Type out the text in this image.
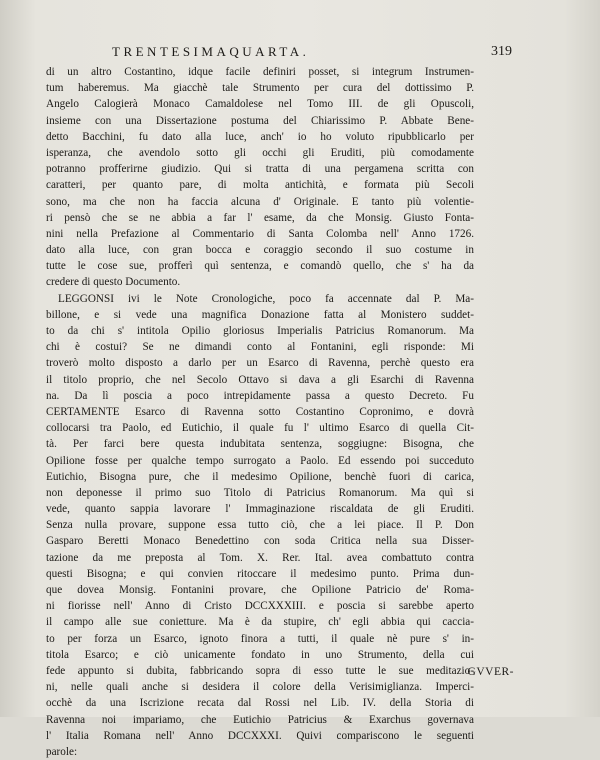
TRENTESIMAQUARTA.	319
di un altro Costantino, idque facile definiri posset, si integrum Instrumen-
tum haberemus. Ma giacchè tale Strumento per cura del dottissimo P.
Angelo Calogierà Monaco Camaldolese nel Tomo III. de gli Opuscoli,
insieme con una Dissertazione postuma del Chiarissimo P. Abbate Bene-
detto Bacchini, fu dato alla luce, anch' io ho voluto ripubblicarlo per
isperanza, che avendolo sotto gli occhi gli Eruditi, più comodamente
potranno profferirne giudizio. Qui si tratta di una pergamena scritta con
caratteri, per quanto pare, di molta antichità, e formata più Secoli
sono, ma che non ha faccia alcuna d' Originale. E tanto più volentie-
ri pensò che se ne abbia a far l' esame, da che Monsig. Giusto Fonta-
nini nella Prefazione al Commentario di Santa Colomba nell' Anno 1726.
dato alla luce, con gran bocca e coraggio secondo il suo costume in
tutte le cose sue, profferì quì sentenza, e comandò quello, che s' ha da
credere di questo Documento.
LEGGONSI ivi le Note Cronologiche, poco fa accennate dal P. Ma-
billone, e si vede una magnifica Donazione fatta al Monistero suddet-
to da chi s' intitola Opilio gloriosus Imperialis Patricius Romanorum. Ma
chi è costui? Se ne dimandi conto al Fontanini, egli risponde: Mi
troverò molto disposto a darlo per un Esarco di Ravenna, perchè questo era
il titolo proprio, che nel Secolo Ottavo si dava a gli Esarchi di Ravenna
na. Da lì poscia a poco intrepidamente passa a questo Decreto. Fu
CERTAMENTE Esarco di Ravenna sotto Costantino Copronimo, e dovrà
collocarsi tra Paolo, ed Eutichio, il quale fu l' ultimo Esarco di quella Cit-
tà. Per farci bere questa indubitata sentenza, soggiugne: Bisogna, che
Opilione fosse per qualche tempo surrogato a Paolo. Ed essendo poi succeduto
Eutichio, Bisogna pure, che il medesimo Opilione, benchè fuori di carica,
non deponesse il primo suo Titolo di Patricius Romanorum. Ma quì si
vede, quanto sappia lavorare l' Immaginazione riscaldata de gli Eruditi.
Senza nulla provare, suppone essa tutto ciò, che a lei piace. Il P. Don
Gasparo Beretti Monaco Benedettino con soda Critica nella sua Disser-
tazione da me preposta al Tom. X. Rer. Ital. avea combattuto contra
questi Bisogna; e qui convien ritoccare il medesimo punto. Prima dun-
que dovea Monsig. Fontanini provare, che Opilione Patricio de' Roma-
ni fiorisse nell' Anno di Cristo DCCXXXIII. e poscia si sarebbe aperto
il campo alle sue conietture. Ma è da stupire, ch' egli abbia qui caccia-
to per forza un Esarco, ignoto finora a tutti, il quale nè pure s' in-
titola Esarco; e ciò unicamente fondato in uno Strumento, della cui
fede appunto si dubita, fabbricando sopra di esso tutte le sue meditazio-
ni, nelle quali anche si desidera il colore della Verisimiglianza. Imperci-
occhè da una Iscrizione recata dal Rossi nel Lib. IV. della Storia di
Ravenna noi impariamo, che Eutichio Patricius & Exarchus governava
l' Italia Romana nell' Anno DCCXXXI. Quivi compariscono le seguenti
parole:
GVVER-
